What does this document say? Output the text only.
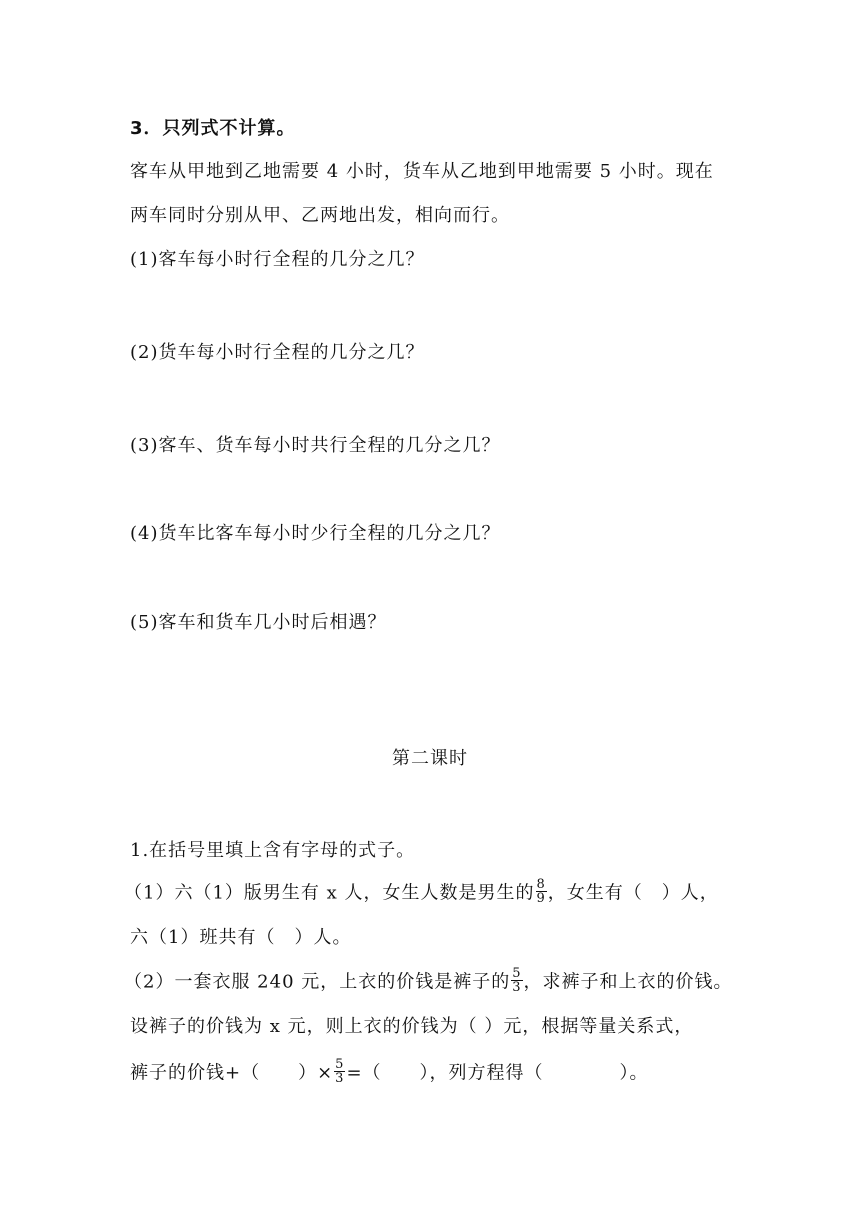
3．只列式不计算。
客车从甲地到乙地需要 4 小时，货车从乙地到甲地需要 5 小时。现在
两车同时分别从甲、乙两地出发，相向而行。
(1)客车每小时行全程的几分之几？
(2)货车每小时行全程的几分之几？
(3)客车、货车每小时共行全程的几分之几？
(4)货车比客车每小时少行全程的几分之几？
(5)客车和货车几小时后相遇？
第二课时
1.在括号里填上含有字母的式子。
（1）六（1）版男生有 x 人，女生人数是男生的 $\frac{8}{9}$ ，女生有（　）人，
六（1）班共有（　）人。
（2）一套衣服 240 元，上衣的价钱是裤子的 $\frac{5}{3}$ ，求裤子和上衣的价钱。
设裤子的价钱为 x 元，则上衣的价钱为（ ）元，根据等量关系式，
裤子的价钱+（　　）× $\frac{5}{3}$ =（　　），列方程得（　　　　）。
